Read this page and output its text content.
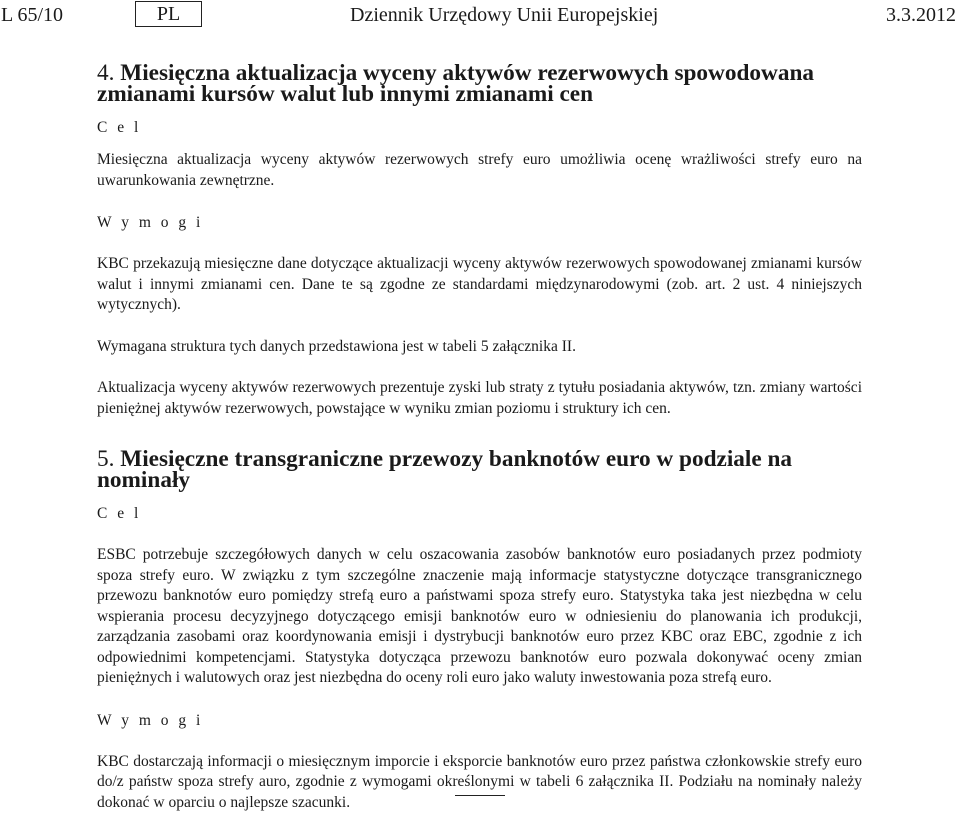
L 65/10	PL	Dziennik Urzędowy Unii Europejskiej	3.3.2012
4. Miesięczna aktualizacja wyceny aktywów rezerwowych spowodowana zmianami kursów walut lub innymi zmianami cen

C e l

Miesięczna aktualizacja wyceny aktywów rezerwowych strefy euro umożliwia ocenę wrażliwości strefy euro na uwarunkowania zewnętrzne.

W y m o g i

KBC przekazują miesięczne dane dotyczące aktualizacji wyceny aktywów rezerwowych spowodowanej zmianami kursów walut i innymi zmianami cen. Dane te są zgodne ze standardami międzynarodowymi (zob. art. 2 ust. 4 niniejszych wytycznych).

Wymagana struktura tych danych przedstawiona jest w tabeli 5 załącznika II.

Aktualizacja wyceny aktywów rezerwowych prezentuje zyski lub straty z tytułu posiadania aktywów, tzn. zmiany wartości pieniężnej aktywów rezerwowych, powstające w wyniku zmian poziomu i struktury ich cen.

5. Miesięczne transgraniczne przewozy banknotów euro w podziale na nominały

C e l

ESBC potrzebuje szczegółowych danych w celu oszacowania zasobów banknotów euro posiadanych przez podmioty spoza strefy euro. W związku z tym szczególne znaczenie mają informacje statystyczne dotyczące transgranicznego przewozu banknotów euro pomiędzy strefą euro a państwami spoza strefy euro. Statystyka taka jest niezbędna w celu wspierania procesu decyzyjnego dotyczącego emisji banknotów euro w odniesieniu do planowania ich produkcji, zarządzania zasobami oraz koordynowania emisji i dystrybucji banknotów euro przez KBC oraz EBC, zgodnie z ich odpowiednimi kompetencjami. Statystyka dotycząca przewozu banknotów euro pozwala dokonywać oceny zmian pieniężnych i walutowych oraz jest niezbędna do oceny roli euro jako waluty inwestowania poza strefą euro.

W y m o g i

KBC dostarczają informacji o miesięcznym imporcie i eksporcie banknotów euro przez państwa członkowskie strefy euro do/z państw spoza strefy auro, zgodnie z wymogami określonymi w tabeli 6 załącznika II. Podziału na nominały należy dokonać w oparciu o najlepsze szacunki.
